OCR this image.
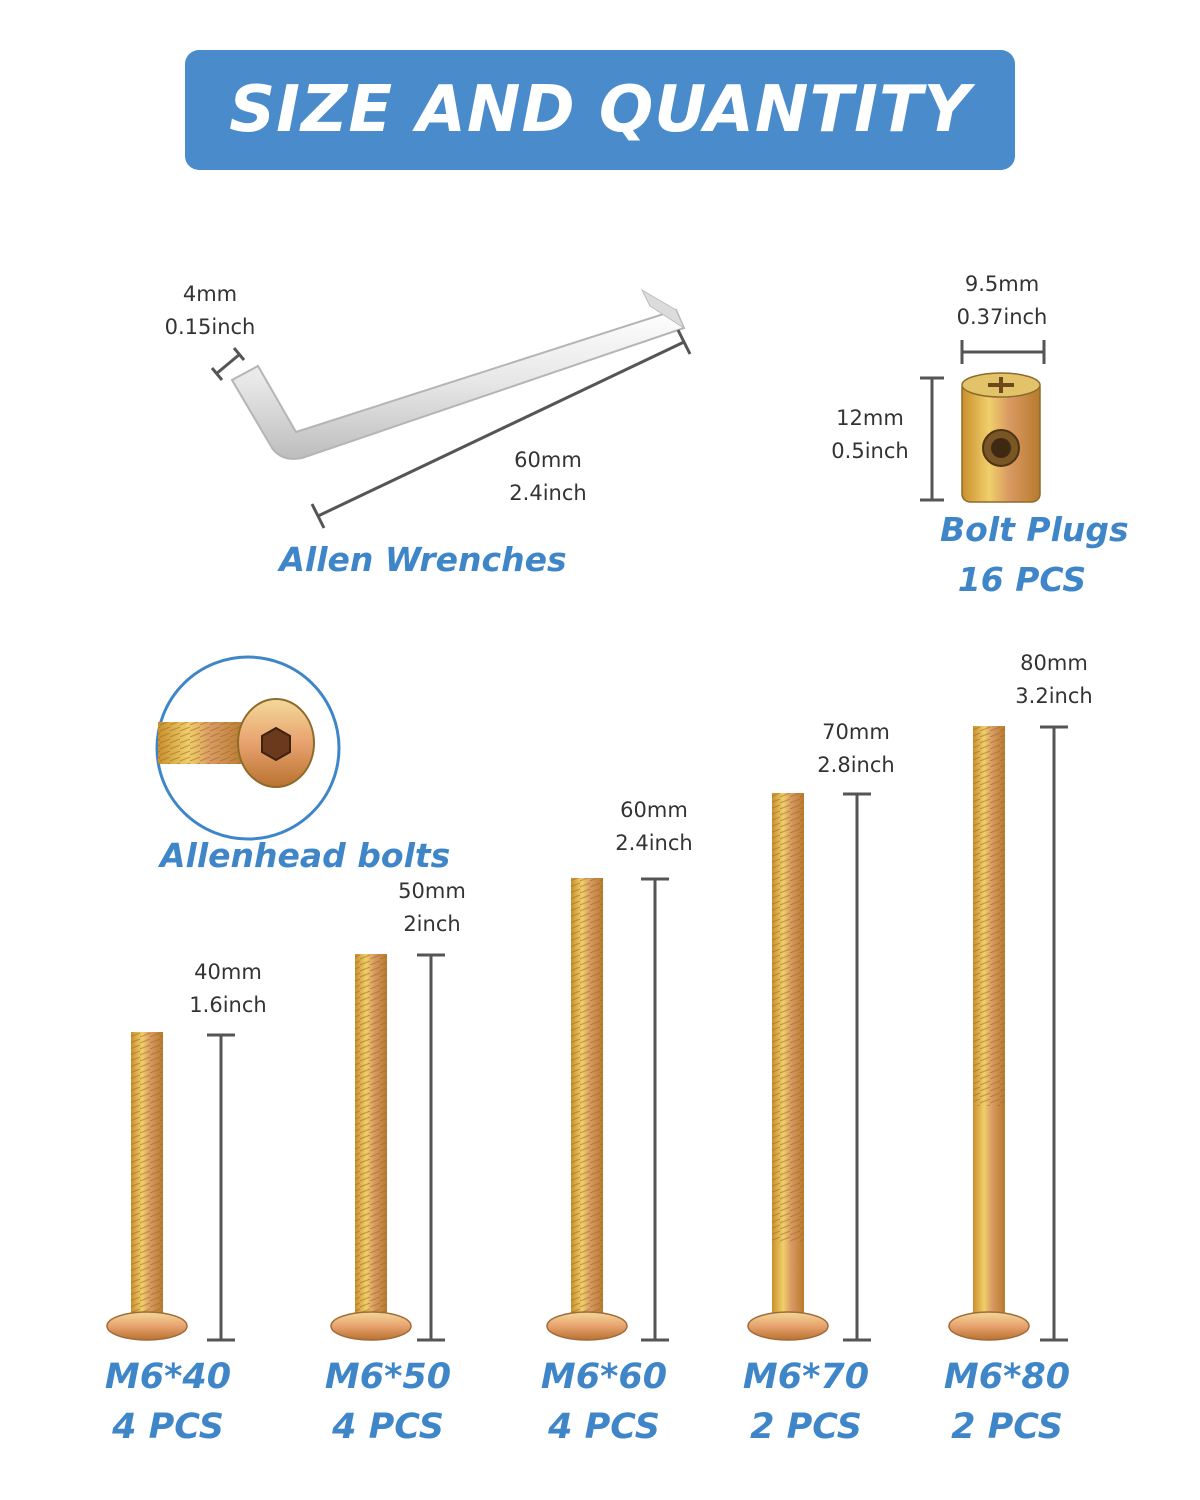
SIZE AND QUANTITY
4mm
0.15inch
60mm
2.4inch
Allen Wrenches
9.5mm
0.37inch
12mm
0.5inch
Bolt Plugs
16 PCS
Allenhead bolts
40mm
1.6inch
50mm
2inch
60mm
2.4inch
70mm
2.8inch
80mm
3.2inch
M6*40
4 PCS
M6*50
4 PCS
M6*60
4 PCS
M6*70
2 PCS
M6*80
2 PCS
